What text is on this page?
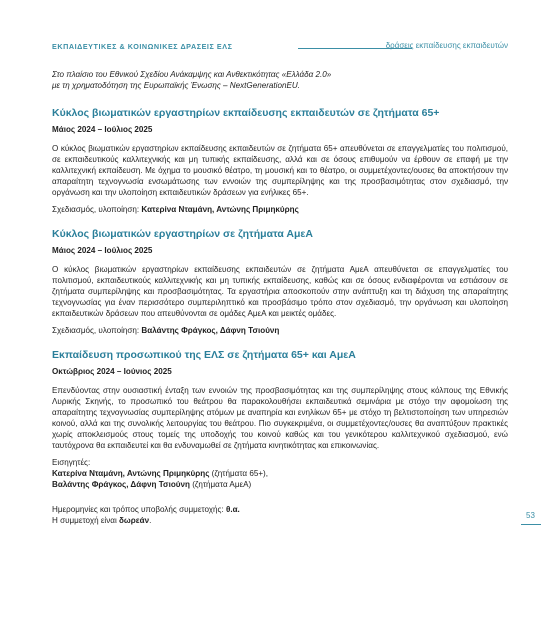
ΕΚΠΑΙΔΕΥΤΙΚΕΣ & ΚΟΙΝΩΝΙΚΕΣ ΔΡΑΣΕΙΣ ΕΛΣ	δράσεις εκπαίδευσης εκπαιδευτών

Στο πλαίσιο του Εθνικού Σχεδίου Ανάκαμψης και Ανθεκτικότητας «Ελλάδα 2.0»
με τη χρηματοδότηση της Ευρωπαϊκής Ένωσης – NextGenerationEU.

Κύκλος βιωματικών εργαστηρίων εκπαίδευσης εκπαιδευτών σε ζητήματα 65+

Μάιος 2024 – Ιούλιος 2025

Ο κύκλος βιωματικών εργαστηρίων εκπαίδευσης εκπαιδευτών σε ζητήματα 65+ απευθύνεται σε επαγγελματίες του πολιτισμού, σε εκπαιδευτικούς καλλιτεχνικής και μη τυπικής εκπαίδευσης, αλλά και σε όσους επιθυμούν να έρθουν σε επαφή με την καλλιτεχνική εκπαίδευση. Με όχημα το μουσικό θέατρο, τη μουσική και το θέατρο, οι συμμετέχοντες/ουσες θα αποκτήσουν την απαραίτητη τεχνογνωσία ενσωμάτωσης των εννοιών της συμπερίληψης και της προσβασιμότητας στον σχεδιασμό, την οργάνωση και την υλοποίηση εκπαιδευτικών δράσεων για ενήλικες 65+.

Σχεδιασμός, υλοποίηση: Κατερίνα Νταμάνη, Αντώνης Πριμηκύρης

Κύκλος βιωματικών εργαστηρίων σε ζητήματα ΑμεΑ

Μάιος 2024 – Ιούλιος 2025

Ο κύκλος βιωματικών εργαστηρίων εκπαίδευσης εκπαιδευτών σε ζητήματα ΑμεΑ απευθύνεται σε επαγγελματίες του πολιτισμού, εκπαιδευτικούς καλλιτεχνικής και μη τυπικής εκπαίδευσης, καθώς και σε όσους ενδιαφέρονται να εστιάσουν σε ζητήματα συμπερίληψης και προσβασιμότητας. Τα εργαστήρια αποσκοπούν στην ανάπτυξη και τη διάχυση της απαραίτητης τεχνογνωσίας για έναν περισσότερο συμπεριληπτικό και προσβάσιμο τρόπο στον σχεδιασμό, την οργάνωση και υλοποίηση εκπαιδευτικών δράσεων που απευθύνονται σε ομάδες ΑμεΑ και μεικτές ομάδες.

Σχεδιασμός, υλοποίηση: Βαλάντης Φράγκος, Δάφνη Τσιούνη

Εκπαίδευση προσωπικού της ΕΛΣ σε ζητήματα 65+ και ΑμεΑ

Οκτώβριος 2024 – Ιούνιος 2025

Επενδύοντας στην ουσιαστική ένταξη των εννοιών της προσβασιμότητας και της συμπερίληψης στους κόλπους της Εθνικής Λυρικής Σκηνής, το προσωπικό του θεάτρου θα παρακολουθήσει εκπαιδευτικά σεμινάρια με στόχο την αφομοίωση της απαραίτητης τεχνογνωσίας συμπερίληψης ατόμων με αναπηρία και ενηλίκων 65+ με στόχο τη βελτιστοποίηση των υπηρεσιών κοινού, αλλά και της συνολικής λειτουργίας του θεάτρου. Πιο συγκεκριμένα, οι συμμετέχοντες/ουσες θα αναπτύξουν πρακτικές χωρίς αποκλεισμούς στους τομείς της υποδοχής του κοινού καθώς και του γενικότερου καλλιτεχνικού σχεδιασμού, ενώ ταυτόχρονα θα εκπαιδευτεί και θα ενδυναμωθεί σε ζητήματα κινητικότητας και επικοινωνίας.

Εισηγητές:
Κατερίνα Νταμάνη, Αντώνης Πριμηκύρης (ζητήματα 65+),
Βαλάντης Φράγκος, Δάφνη Τσιούνη (ζητήματα ΑμεΑ)

Ημερομηνίες και τρόπος υποβολής συμμετοχής: θ.α.
Η συμμετοχή είναι δωρεάν.

53
